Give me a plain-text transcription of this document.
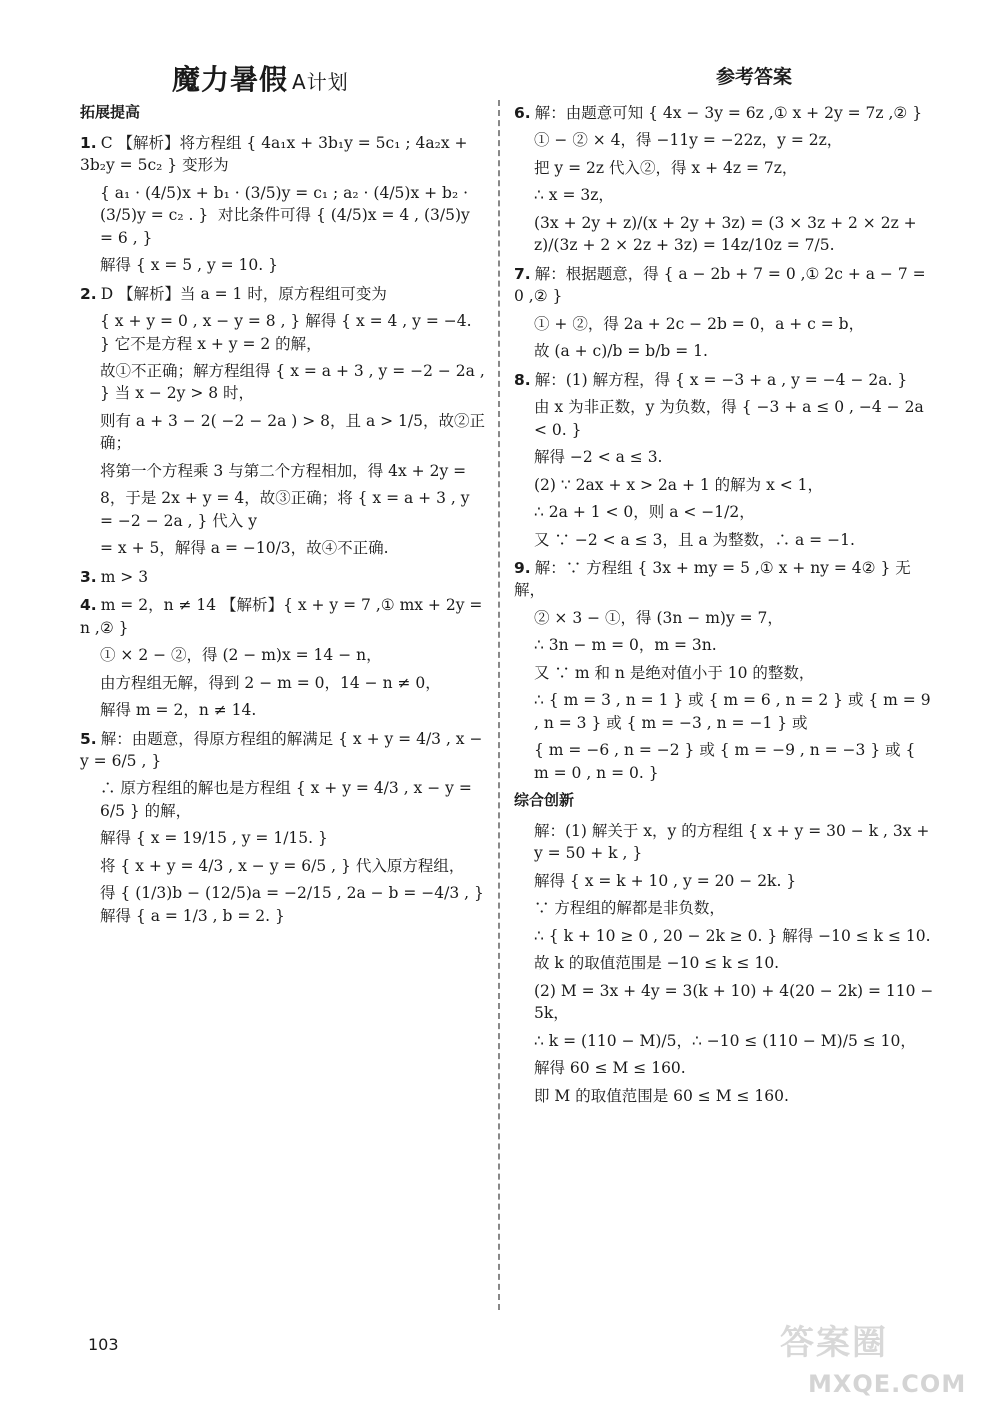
魔力暑假 A计划	参考答案
拓展提高
1. C 【解析】将方程组 { 4a₁x + 3b₁y = 5c₁ ; 4a₂x + 3b₂y = 5c₂ } 变形为
{ a₁ · (4/5)x + b₁ · (3/5)y = c₁ ; a₂ · (4/5)x + b₂ · (3/5)y = c₂ . }  对比条件可得 { (4/5)x = 4 , (3/5)y = 6 , }
解得 { x = 5 , y = 10. }
2. D 【解析】当 a = 1 时，原方程组可变为
{ x + y = 0 , x − y = 8 , } 解得 { x = 4 , y = −4. } 它不是方程 x + y = 2 的解，
故①不正确；解方程组得 { x = a + 3 , y = −2 − 2a , } 当 x − 2y > 8 时，
则有 a + 3 − 2( −2 − 2a ) > 8，且 a > 1/5，故②正确；
将第一个方程乘 3 与第二个方程相加，得 4x + 2y =
8，于是 2x + y = 4，故③正确；将 { x = a + 3 , y = −2 − 2a , } 代入 y
= x + 5，解得 a = −10/3，故④不正确.
3. m > 3
4. m = 2，n ≠ 14 【解析】{ x + y = 7 ,① mx + 2y = n ,② }
① × 2 − ②，得 (2 − m)x = 14 − n，
由方程组无解，得到 2 − m = 0，14 − n ≠ 0，
解得 m = 2，n ≠ 14.
5. 解：由题意，得原方程组的解满足 { x + y = 4/3 , x − y = 6/5 , }
∴ 原方程组的解也是方程组 { x + y = 4/3 , x − y = 6/5 } 的解，
解得 { x = 19/15 , y = 1/15. }
将 { x + y = 4/3 , x − y = 6/5 , } 代入原方程组，
得 { (1/3)b − (12/5)a = −2/15 , 2a − b = −4/3 , } 解得 { a = 1/3 , b = 2. }
6. 解：由题意可知 { 4x − 3y = 6z ,① x + 2y = 7z ,② }
① − ② × 4，得 −11y = −22z，y = 2z，
把 y = 2z 代入②，得 x + 4z = 7z，
∴ x = 3z，
(3x + 2y + z)/(x + 2y + 3z) = (3 × 3z + 2 × 2z + z)/(3z + 2 × 2z + 3z) = 14z/10z = 7/5.
7. 解：根据题意，得 { a − 2b + 7 = 0 ,① 2c + a − 7 = 0 ,② }
① + ②，得 2a + 2c − 2b = 0，a + c = b，
故 (a + c)/b = b/b = 1.
8. 解：(1) 解方程，得 { x = −3 + a , y = −4 − 2a. }
由 x 为非正数，y 为负数，得 { −3 + a ≤ 0 , −4 − 2a < 0. }
解得 −2 < a ≤ 3.
(2) ∵ 2ax + x > 2a + 1 的解为 x < 1，
∴ 2a + 1 < 0，则 a < −1/2，
又 ∵ −2 < a ≤ 3，且 a 为整数，∴ a = −1.
9. 解：∵ 方程组 { 3x + my = 5 ,① x + ny = 4② } 无解，
② × 3 − ①，得 (3n − m)y = 7，
∴ 3n − m = 0，m = 3n.
又 ∵ m 和 n 是绝对值小于 10 的整数，
∴ { m = 3 , n = 1 } 或 { m = 6 , n = 2 } 或 { m = 9 , n = 3 } 或 { m = −3 , n = −1 } 或
{ m = −6 , n = −2 } 或 { m = −9 , n = −3 } 或 { m = 0 , n = 0. }
综合创新
解：(1) 解关于 x，y 的方程组 { x + y = 30 − k , 3x + y = 50 + k , }
解得 { x = k + 10 , y = 20 − 2k. }
∵ 方程组的解都是非负数，
∴ { k + 10 ≥ 0 , 20 − 2k ≥ 0. } 解得 −10 ≤ k ≤ 10.
故 k 的取值范围是 −10 ≤ k ≤ 10.
(2) M = 3x + 4y = 3(k + 10) + 4(20 − 2k) = 110 − 5k，
∴ k = (110 − M)/5，∴ −10 ≤ (110 − M)/5 ≤ 10，
解得 60 ≤ M ≤ 160.
即 M 的取值范围是 60 ≤ M ≤ 160.
103	答案圈
MXQE.COM
